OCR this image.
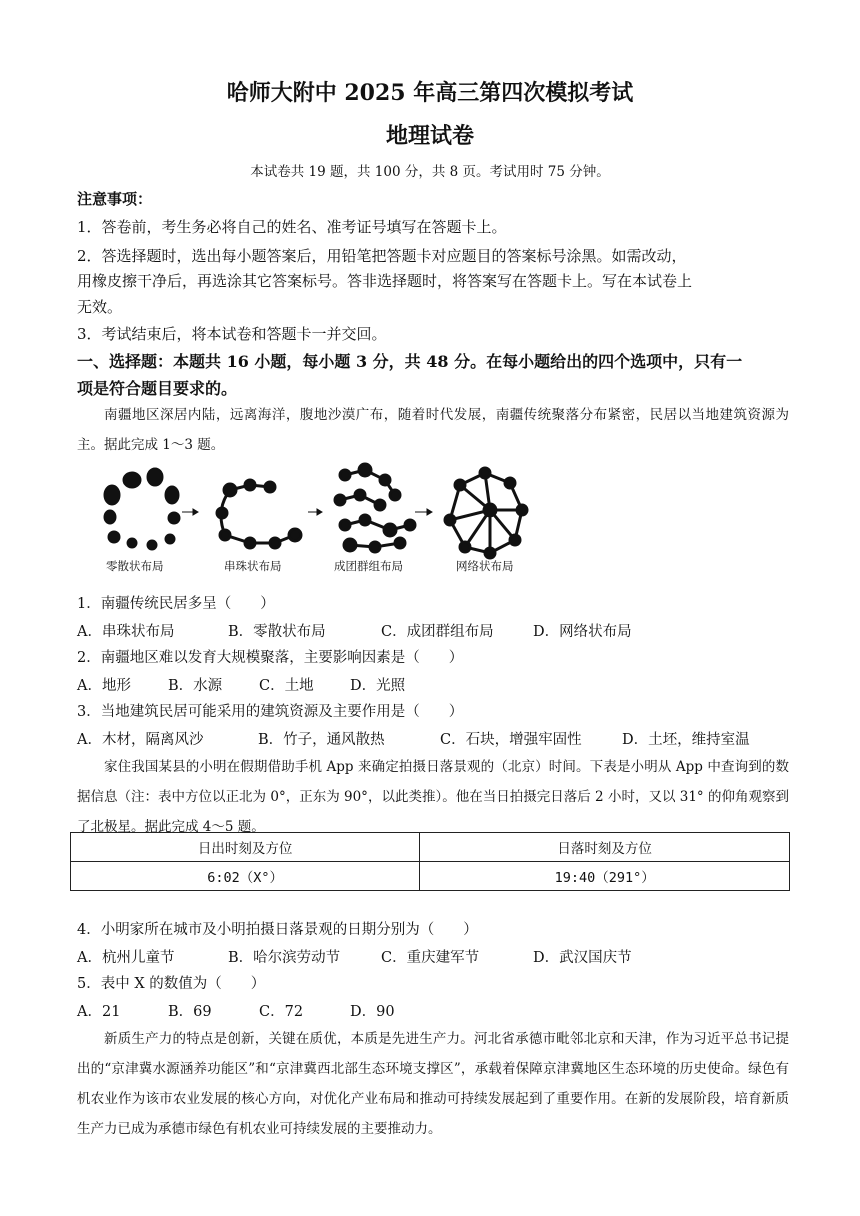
哈师大附中 2025 年高三第四次模拟考试
地理试卷
本试卷共 19 题，共 100 分，共 8 页。考试用时 75 分钟。
注意事项：
1．答卷前，考生务必将自己的姓名、准考证号填写在答题卡上。
2．答选择题时，选出每小题答案后，用铅笔把答题卡对应题目的答案标号涂黑。如需改动，
用橡皮擦干净后，再选涂其它答案标号。答非选择题时，将答案写在答题卡上。写在本试卷上
无效。
3．考试结束后，将本试卷和答题卡一并交回。
一、选择题：本题共 16 小题，每小题 3 分，共 48 分。在每小题给出的四个选项中，只有一
项是符合题目要求的。
南疆地区深居内陆，远离海洋，腹地沙漠广布，随着时代发展，南疆传统聚落分布紧密，民居以当地建筑资源为主。据此完成 1～3 题。
零散状布局	串珠状布局	成团群组布局	网络状布局
1．南疆传统民居多呈（　　）
A．串珠状布局	B．零散状布局	C．成团群组布局	D．网络状布局
2．南疆地区难以发育大规模聚落，主要影响因素是（　　）
A．地形	B．水源	C．土地	D．光照
3．当地建筑民居可能采用的建筑资源及主要作用是（　　）
A．木材，隔离风沙	B．竹子，通风散热	C．石块，增强牢固性	D．土坯，维持室温
家住我国某县的小明在假期借助手机 App 来确定拍摄日落景观的（北京）时间。下表是小明从 App 中查询到的数据信息（注：表中方位以正北为 0°，正东为 90°，以此类推）。他在当日拍摄完日落后 2 小时，又以 31° 的仰角观察到了北极星。据此完成 4～5 题。
日出时刻及方位	日落时刻及方位
6:02（X°）	19:40（291°）
4．小明家所在城市及小明拍摄日落景观的日期分别为（　　）
A．杭州儿童节	B．哈尔滨劳动节	C．重庆建军节	D．武汉国庆节
5．表中 X 的数值为（　　）
A．21	B．69	C．72	D．90
新质生产力的特点是创新，关键在质优，本质是先进生产力。河北省承德市毗邻北京和天津，作为习近平总书记提出的“京津冀水源涵养功能区”和“京津冀西北部生态环境支撑区”，承载着保障京津冀地区生态环境的历史使命。绿色有机农业作为该市农业发展的核心方向，对优化产业布局和推动可持续发展起到了重要作用。在新的发展阶段，培育新质生产力已成为承德市绿色有机农业可持续发展的主要推动力。
